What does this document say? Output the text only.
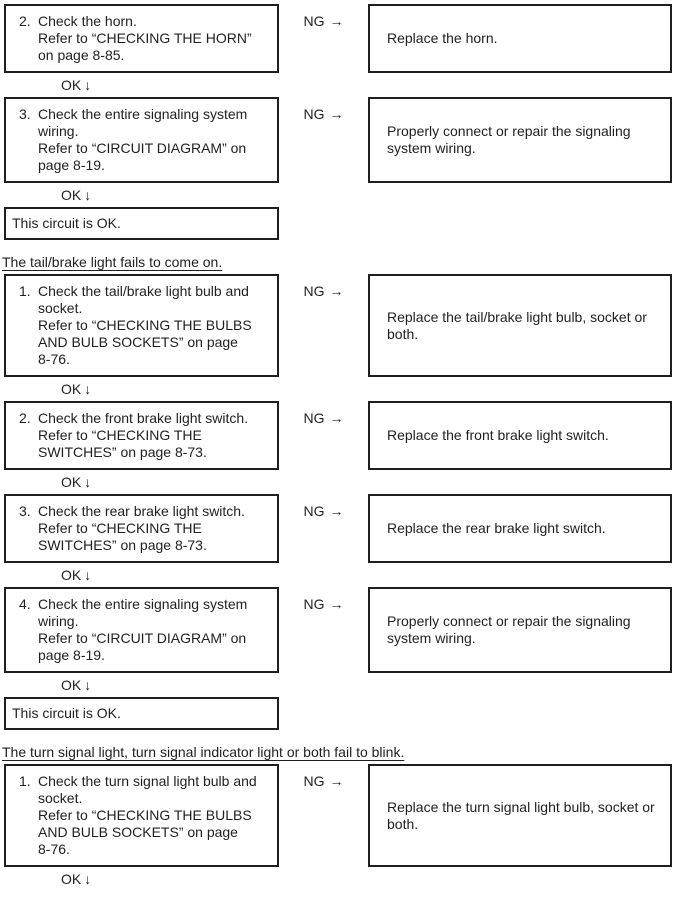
2. Check the horn.
Refer to “CHECKING THE HORN”
on page 8-85.
NG →
Replace the horn.
OK ↓
3. Check the entire signaling system
wiring.
Refer to “CIRCUIT DIAGRAM” on
page 8-19.
NG →
Properly connect or repair the signaling
system wiring.
OK ↓
This circuit is OK.
The tail/brake light fails to come on.
1. Check the tail/brake light bulb and
socket.
Refer to “CHECKING THE BULBS
AND BULB SOCKETS” on page
8-76.
NG →
Replace the tail/brake light bulb, socket or
both.
OK ↓
2. Check the front brake light switch.
Refer to “CHECKING THE
SWITCHES” on page 8-73.
NG →
Replace the front brake light switch.
OK ↓
3. Check the rear brake light switch.
Refer to “CHECKING THE
SWITCHES” on page 8-73.
NG →
Replace the rear brake light switch.
OK ↓
4. Check the entire signaling system
wiring.
Refer to “CIRCUIT DIAGRAM” on
page 8-19.
NG →
Properly connect or repair the signaling
system wiring.
OK ↓
This circuit is OK.
The turn signal light, turn signal indicator light or both fail to blink.
1. Check the turn signal light bulb and
socket.
Refer to “CHECKING THE BULBS
AND BULB SOCKETS” on page
8-76.
NG →
Replace the turn signal light bulb, socket or
both.
OK ↓
